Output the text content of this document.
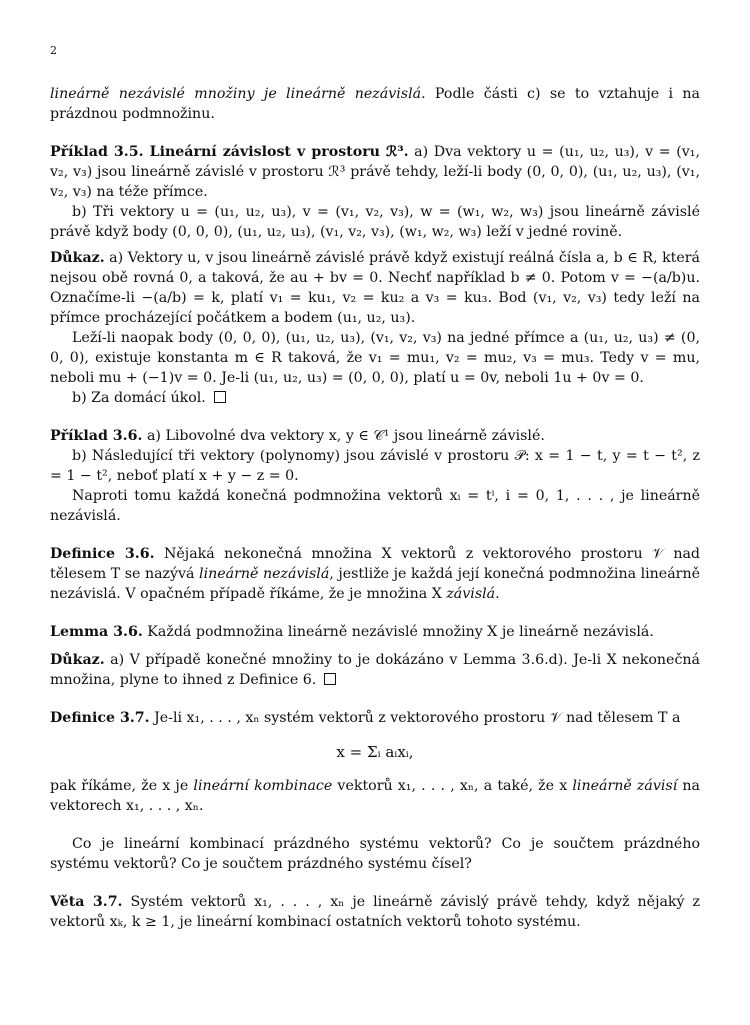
2

lineárně nezávislé množiny je lineárně nezávislá. Podle části c) se to vztahuje i na prázdnou podmnožinu.

Příklad 3.5. Lineární závislost v prostoru ℛ³. a) Dva vektory u = (u₁, u₂, u₃), v = (v₁, v₂, v₃) jsou lineárně závislé v prostoru ℛ³ právě tehdy, leží-li body (0, 0, 0), (u₁, u₂, u₃), (v₁, v₂, v₃) na téže přímce.

b) Tři vektory u = (u₁, u₂, u₃), v = (v₁, v₂, v₃), w = (w₁, w₂, w₃) jsou lineárně závislé právě když body (0, 0, 0), (u₁, u₂, u₃), (v₁, v₂, v₃), (w₁, w₂, w₃) leží v jedné rovině.

Důkaz. a) Vektory u, v jsou lineárně závislé právě když existují reálná čísla a, b ∈ R, která nejsou obě rovná 0, a taková, že au + bv = 0. Nechť například b ≠ 0. Potom v = −(a/b)u. Označíme-li −(a/b) = k, platí v₁ = ku₁, v₂ = ku₂ a v₃ = ku₃. Bod (v₁, v₂, v₃) tedy leží na přímce procházející počátkem a bodem (u₁, u₂, u₃).

Leží-li naopak body (0, 0, 0), (u₁, u₂, u₃), (v₁, v₂, v₃) na jedné přímce a (u₁, u₂, u₃) ≠ (0, 0, 0), existuje konstanta m ∈ R taková, že v₁ = mu₁, v₂ = mu₂, v₃ = mu₃. Tedy v = mu, neboli mu + (−1)v = 0. Je-li (u₁, u₂, u₃) = (0, 0, 0), platí u = 0v, neboli 1u + 0v = 0.

b) Za domácí úkol.

Příklad 3.6. a) Libovolné dva vektory x, y ∈ 𝒞¹ jsou lineárně závislé.

b) Následující tři vektory (polynomy) jsou závislé v prostoru 𝒫: x = 1 − t, y = t − t², z = 1 − t², neboť platí x + y − z = 0.

Naproti tomu každá konečná podmnožina vektorů xᵢ = tⁱ, i = 0, 1, . . . , je lineárně nezávislá.

Definice 3.6. Nějaká nekonečná množina X vektorů z vektorového prostoru 𝒱 nad tělesem T se nazývá lineárně nezávislá, jestliže je každá její konečná podmnožina lineárně nezávislá. V opačném případě říkáme, že je množina X závislá.

Lemma 3.6. Každá podmnožina lineárně nezávislé množiny X je lineárně nezávislá.

Důkaz. a) V případě konečné množiny to je dokázáno v Lemma 3.6.d). Je-li X nekonečná množina, plyne to ihned z Definice 6.

Definice 3.7. Je-li x₁, . . . , xₙ systém vektorů z vektorového prostoru 𝒱 nad tělesem T a

x = Σᵢ aᵢxᵢ,

pak říkáme, že x je lineární kombinace vektorů x₁, . . . , xₙ, a také, že x lineárně závisí na vektorech x₁, . . . , xₙ.

Co je lineární kombinací prázdného systému vektorů? Co je součtem prázdného systému vektorů? Co je součtem prázdného systému čísel?

Věta 3.7. Systém vektorů x₁, . . . , xₙ je lineárně závislý právě tehdy, když nějaký z vektorů xₖ, k ≥ 1, je lineární kombinací ostatních vektorů tohoto systému.
